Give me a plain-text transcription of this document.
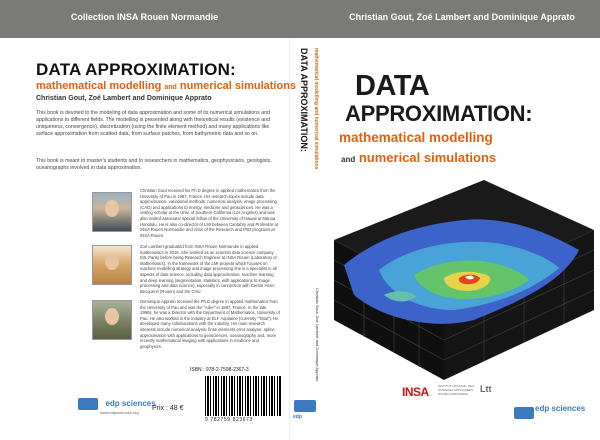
Collection INSA Rouen Normandie	Christian Gout, Zoé Lambert and Dominique Apprato
DATA APPROXIMATION:
mathematical modelling and numerical simulations
Christian Gout, Zoé Lambert and Dominique Apprato

This book is devoted to the modeling of data approximation and some of its numerical simulations and applications to different fields. The modelling is presented along with theoretical results (existence and uniqueness, convergence), discretization (using the finite element method) and many applications like surface approximation from scatted data, from surface patches, from bathymetric data and so on.

This book is meant to master's students and to researchers in mathematics, geophysicians, geologists, oceanographs involved in data approximation.

Christian Gout received his Ph.D degree in applied mathematics from the University of Pau in 1997, France. His research topics include data approximation, variational methods, numerical analysis, image processing (CAD) and applications to energy, medicine and geosciences. He was a visiting scholar at the Univ. of Southern California (Los Angeles) and was also invited associate/ special fellow of the University of Hawaii at Manoa, Honolulu. He is also co-director of LMI between Cantabry and Professor at INSA Rouen Normandie and chair of the Research and PhD programs at INSA Rouen.

Zoé Lambert graduated from INSA Rouen Normandie in applied mathematics in 2018. She worked as an scientist data science company (ML Paris) before being Research Engineer at INSA Rouen (Laboratory of Mathematics). In the framework of the LMI projects which focuses on machine modelling strategy and image processing she is a specialist in all aspects of data science, including data approximation, machine learning and deep learning (segmentation, statistics, with applications to image processing and data science), especially in connection with Centre Henri Becquerel (Rouen) and the CHU.

Dominique Apprato received the Ph.D degree in applied mathematics from the University of Pau and was the "Ader" in 1987, France. In the late 1990s, he was a Director with the Department of Mathematics, University of Pau. He also worked in the industry at ELF Aquitaine (currently "Total"). He developed many collaborations with the industry. His main research interests include numerical analysis, finite elements error analysis, spline approximation with applications to geosciences, oceanography and, more recently mathematical imaging with applications in medicine and geophysics.

edp sciences
www.edpsciences.org
ISBN : 978-2-7598-2367-3
9 782759 823673
Prix : 48 €
DATA APPROXIMATION: mathematical modelling and numerical simulations
Christian Gout, Zoé Lambert and Dominique Apprato
edp
DATA
APPROXIMATION:
mathematical modelling
and numerical simulations
INSA	INSTITUT NATIONAL DES SCIENCES APPLIQUÉES ROUEN NORMANDIE	Ltt
edp sciences
